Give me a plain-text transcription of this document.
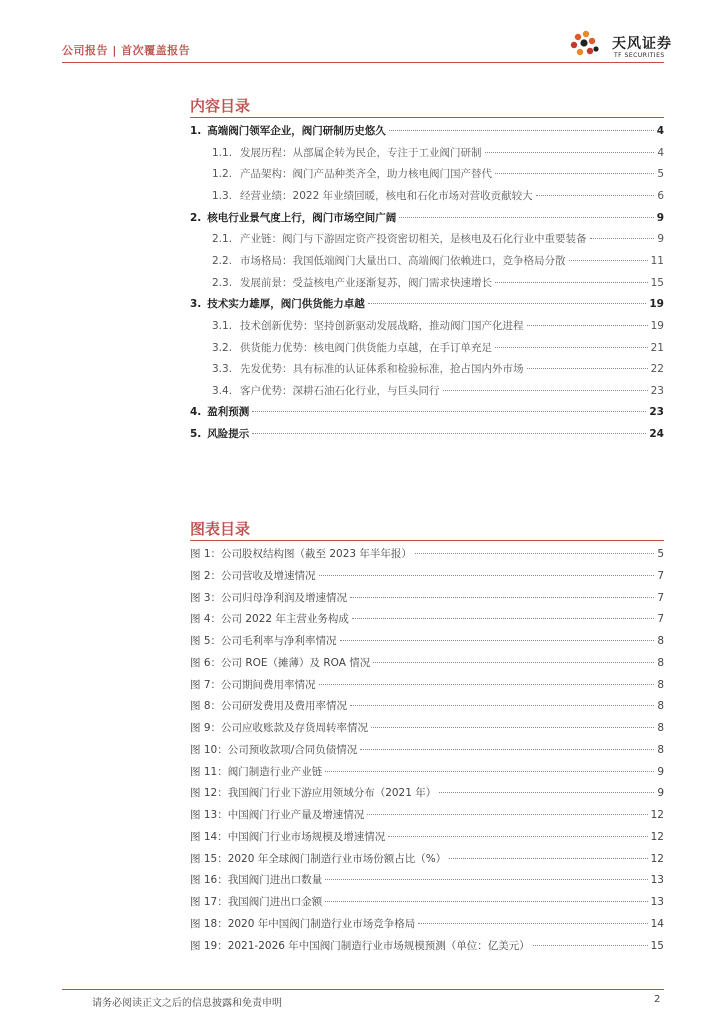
公司报告 | 首次覆盖报告	天风证券
TF SECURITIES
内容目录
1. 高端阀门领军企业，阀门研制历史悠久	4
1.1. 发展历程：从部属企转为民企，专注于工业阀门研制	4
1.2. 产品架构：阀门产品种类齐全，助力核电阀门国产替代	5
1.3. 经营业绩：2022 年业绩回暖，核电和石化市场对营收贡献较大	6
2. 核电行业景气度上行，阀门市场空间广阔	9
2.1. 产业链：阀门与下游固定资产投资密切相关，是核电及石化行业中重要装备	9
2.2. 市场格局：我国低端阀门大量出口、高端阀门依赖进口，竞争格局分散	11
2.3. 发展前景：受益核电产业逐渐复苏，阀门需求快速增长	15
3. 技术实力雄厚，阀门供货能力卓越	19
3.1. 技术创新优势：坚持创新驱动发展战略，推动阀门国产化进程	19
3.2. 供货能力优势：核电阀门供货能力卓越，在手订单充足	21
3.3. 先发优势：具有标准的认证体系和检验标准，抢占国内外市场	22
3.4. 客户优势：深耕石油石化行业，与巨头同行	23
4. 盈利预测	23
5. 风险提示	24
图表目录
图 1：公司股权结构图（截至 2023 年半年报）	5
图 2：公司营收及增速情况	7
图 3：公司归母净利润及增速情况	7
图 4：公司 2022 年主营业务构成	7
图 5：公司毛利率与净利率情况	8
图 6：公司 ROE（摊薄）及 ROA 情况	8
图 7：公司期间费用率情况	8
图 8：公司研发费用及费用率情况	8
图 9：公司应收账款及存货周转率情况	8
图 10：公司预收款项/合同负债情况	8
图 11：阀门制造行业产业链	9
图 12：我国阀门行业下游应用领域分布（2021 年）	9
图 13：中国阀门行业产量及增速情况	12
图 14：中国阀门行业市场规模及增速情况	12
图 15：2020 年全球阀门制造行业市场份额占比（%）	12
图 16：我国阀门进出口数量	13
图 17：我国阀门进出口金额	13
图 18：2020 年中国阀门制造行业市场竞争格局	14
图 19：2021-2026 年中国阀门制造行业市场规模预测（单位：亿美元）	15
请务必阅读正文之后的信息披露和免责申明	2
